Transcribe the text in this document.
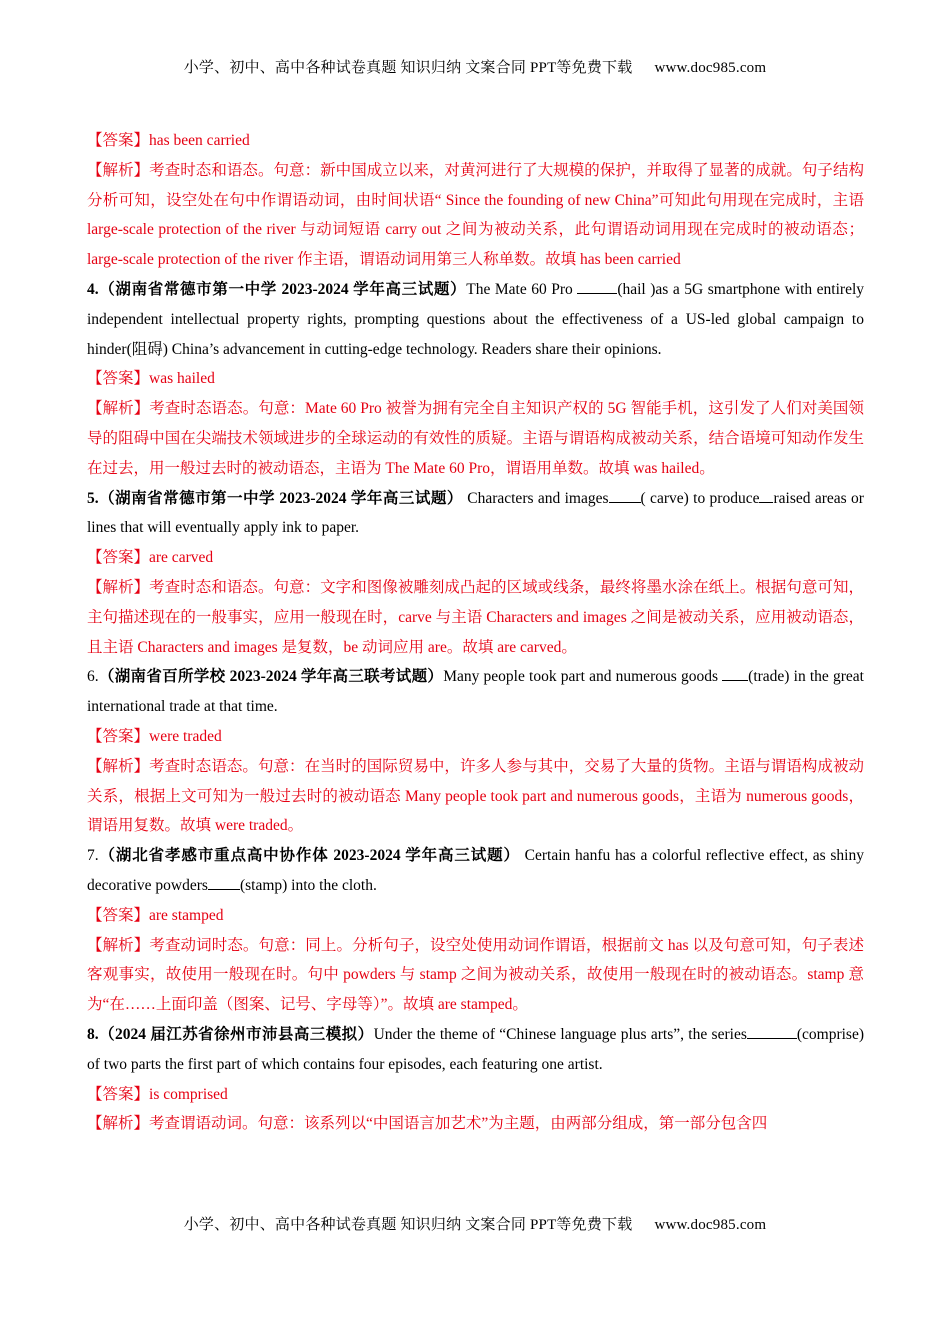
小学、初中、高中各种试卷真题 知识归纳 文案合同 PPT等免费下载 www.doc985.com

【答案】has been carried

【解析】考查时态和语态。句意：新中国成立以来，对黄河进行了大规模的保护，并取得了显著的成就。句子结构分析可知，设空处在句中作谓语动词，由时间状语“ Since the founding of new China”可知此句用现在完成时，主语 large-scale protection of the river 与动词短语 carry out 之间为被动关系，此句谓语动词用现在完成时的被动语态；large-scale protection of the river 作主语，谓语动词用第三人称单数。故填 has been carried

4.（湖南省常德市第一中学 2023-2024 学年高三试题）The Mate 60 Pro	(hail )as a 5G smartphone with entirely independent intellectual property rights, prompting questions about the effectiveness of a US-led global campaign to hinder(阻碍) China’s advancement in cutting-edge technology. Readers share their opinions.

【答案】was hailed

【解析】考查时态语态。句意：Mate 60 Pro 被誉为拥有完全自主知识产权的 5G 智能手机，这引发了人们对美国领导的阻碍中国在尖端技术领域进步的全球运动的有效性的质疑。主语与谓语构成被动关系，结合语境可知动作发生在过去，用一般过去时的被动语态，主语为 The Mate 60 Pro，谓语用单数。故填 was hailed。

5.（湖南省常德市第一中学 2023-2024 学年高三试题） Characters and images ( carve) to produce raised areas or lines that will eventually apply ink to paper.

【答案】are carved

【解析】考查时态和语态。句意：文字和图像被雕刻成凸起的区域或线条，最终将墨水涂在纸上。根据句意可知，主句描述现在的一般事实，应用一般现在时，carve 与主语 Characters and images 之间是被动关系，应用被动语态，且主语 Characters and images 是复数，be 动词应用 are。故填 are carved。

6.（湖南省百所学校 2023-2024 学年高三联考试题）Many people took part and numerous goods (trade) in the great international trade at that time.

【答案】were traded

【解析】考查时态语态。句意：在当时的国际贸易中，许多人参与其中，交易了大量的货物。主语与谓语构成被动关系，根据上文可知为一般过去时的被动语态 Many people took part and numerous goods，主语为 numerous goods，谓语用复数。故填 were traded。

7.（湖北省孝感市重点高中协作体 2023-2024 学年高三试题） Certain hanfu has a colorful reflective effect, as shiny decorative powders (stamp) into the cloth.

【答案】are stamped

【解析】考查动词时态。句意：同上。分析句子，设空处使用动词作谓语，根据前文 has 以及句意可知，句子表述客观事实，故使用一般现在时。句中 powders 与 stamp 之间为被动关系，故使用一般现在时的被动语态。stamp 意为“在……上面印盖（图案、记号、字母等）”。故填 are stamped。

8.（2024 届江苏省徐州市沛县高三模拟）Under the theme of “Chinese language plus arts”, the series	(comprise) of two parts the first part of which contains four episodes, each featuring one artist.

【答案】is comprised

【解析】考查谓语动词。句意：该系列以“中国语言加艺术”为主题，由两部分组成，第一部分包含四

小学、初中、高中各种试卷真题 知识归纳 文案合同 PPT等免费下载 www.doc985.com
